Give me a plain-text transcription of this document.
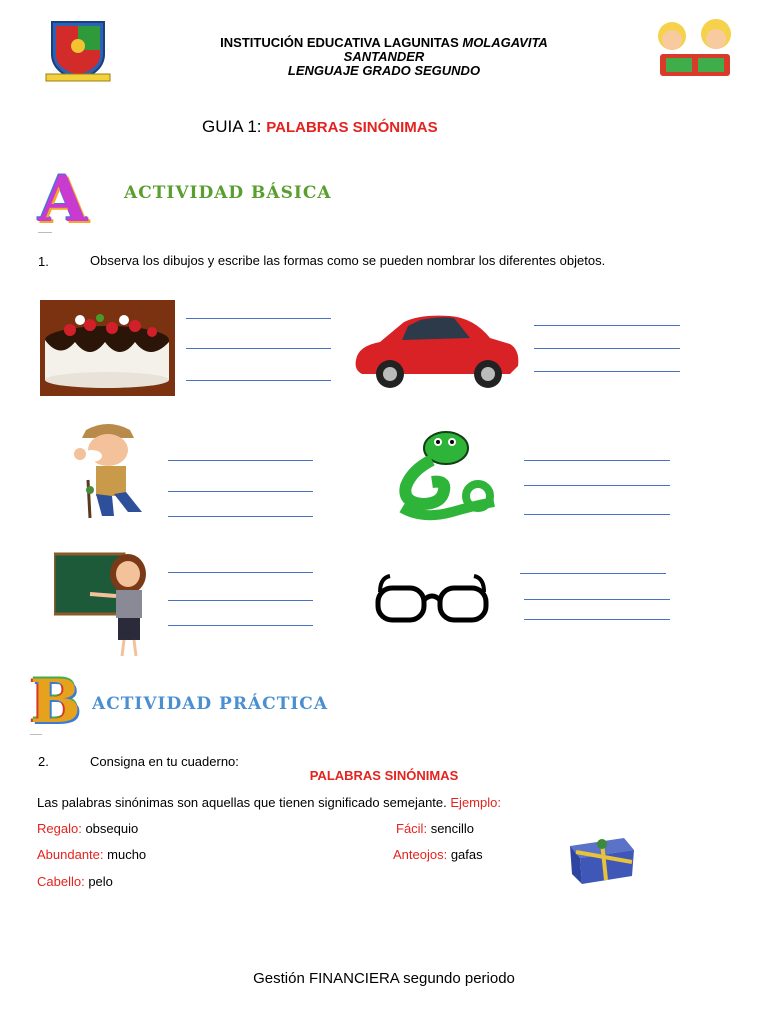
INSTITUCIÓN EDUCATIVA LAGUNITAS MOLAGAVITA
SANTANDER
LENGUAJE GRADO SEGUNDO
GUIA 1: PALABRAS SINÓNIMAS
A ACTIVIDAD BÁSICA
1.	Observa los dibujos y escribe las formas como se pueden nombrar los diferentes objetos.
B ACTIVIDAD PRÁCTICA
2.	Consigna en tu cuaderno:
PALABRAS SINÓNIMAS
Las palabras sinónimas son aquellas que tienen significado semejante. Ejemplo:
Regalo: obsequio	Fácil: sencillo
Abundante: mucho	Anteojos: gafas
Cabello: pelo
Gestión FINANCIERA segundo periodo
